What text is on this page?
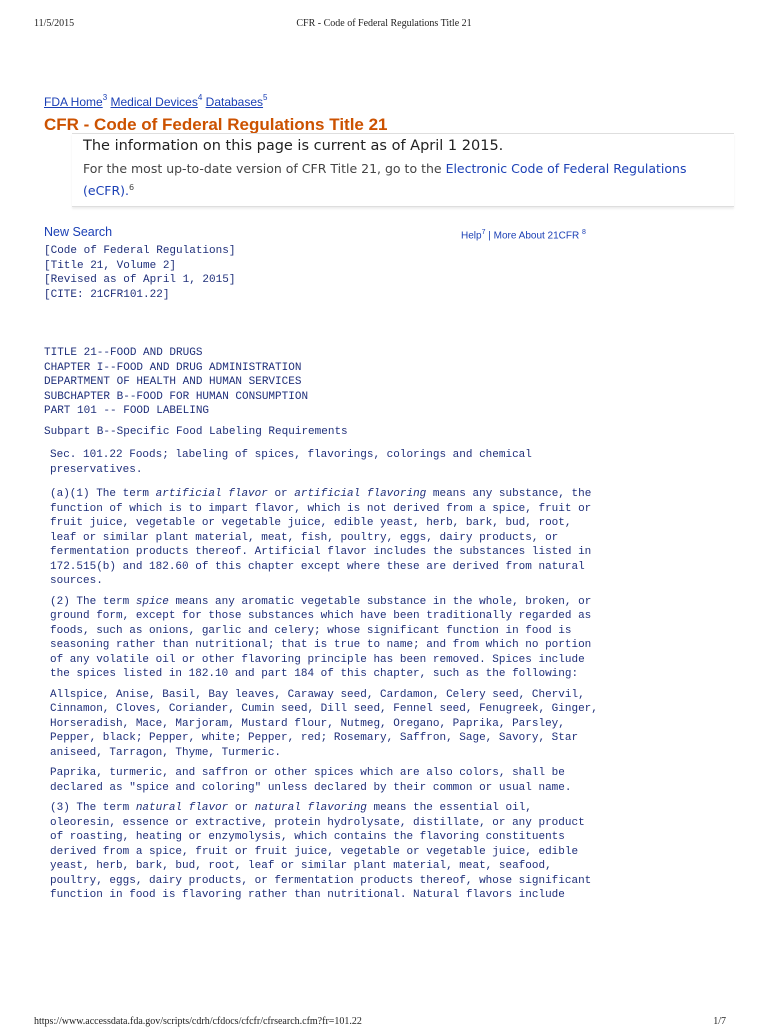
11/5/2015	CFR - Code of Federal Regulations Title 21
FDA Home$^3$ Medical Devices$^4$ Databases$^5$
CFR - Code of Federal Regulations Title 21
The information on this page is current as of April 1 2015.
For the most up-to-date version of CFR Title 21, go to the Electronic Code of Federal Regulations (eCFR).$^6$
New Search	Help$^7$ | More About 21CFR $^8$
[Code of Federal Regulations]
[Title 21, Volume 2]
[Revised as of April 1, 2015]
[CITE: 21CFR101.22]
TITLE 21--FOOD AND DRUGS
CHAPTER I--FOOD AND DRUG ADMINISTRATION
DEPARTMENT OF HEALTH AND HUMAN SERVICES
SUBCHAPTER B--FOOD FOR HUMAN CONSUMPTION
PART 101 -- FOOD LABELING
Subpart B--Specific Food Labeling Requirements

Sec. 101.22 Foods; labeling of spices, flavorings, colorings and chemical preservatives.

(a)(1) The term artificial flavor or artificial flavoring means any substance, the function of which is to impart flavor, which is not derived from a spice, fruit or fruit juice, vegetable or vegetable juice, edible yeast, herb, bark, bud, root, leaf or similar plant material, meat, fish, poultry, eggs, dairy products, or fermentation products thereof. Artificial flavor includes the substances listed in 172.515(b) and 182.60 of this chapter except where these are derived from natural sources.

(2) The term spice means any aromatic vegetable substance in the whole, broken, or ground form, except for those substances which have been traditionally regarded as foods, such as onions, garlic and celery; whose significant function in food is seasoning rather than nutritional; that is true to name; and from which no portion of any volatile oil or other flavoring principle has been removed. Spices include the spices listed in 182.10 and part 184 of this chapter, such as the following:

Allspice, Anise, Basil, Bay leaves, Caraway seed, Cardamon, Celery seed, Chervil, Cinnamon, Cloves, Coriander, Cumin seed, Dill seed, Fennel seed, Fenugreek, Ginger, Horseradish, Mace, Marjoram, Mustard flour, Nutmeg, Oregano, Paprika, Parsley, Pepper, black; Pepper, white; Pepper, red; Rosemary, Saffron, Sage, Savory, Star aniseed, Tarragon, Thyme, Turmeric.

Paprika, turmeric, and saffron or other spices which are also colors, shall be declared as "spice and coloring" unless declared by their common or usual name.

(3) The term natural flavor or natural flavoring means the essential oil, oleoresin, essence or extractive, protein hydrolysate, distillate, or any product of roasting, heating or enzymolysis, which contains the flavoring constituents derived from a spice, fruit or fruit juice, vegetable or vegetable juice, edible yeast, herb, bark, bud, root, leaf or similar plant material, meat, seafood, poultry, eggs, dairy products, or fermentation products thereof, whose significant function in food is flavoring rather than nutritional. Natural flavors include

https://www.accessdata.fda.gov/scripts/cdrh/cfdocs/cfcfr/cfrsearch.cfm?fr=101.22	1/7
